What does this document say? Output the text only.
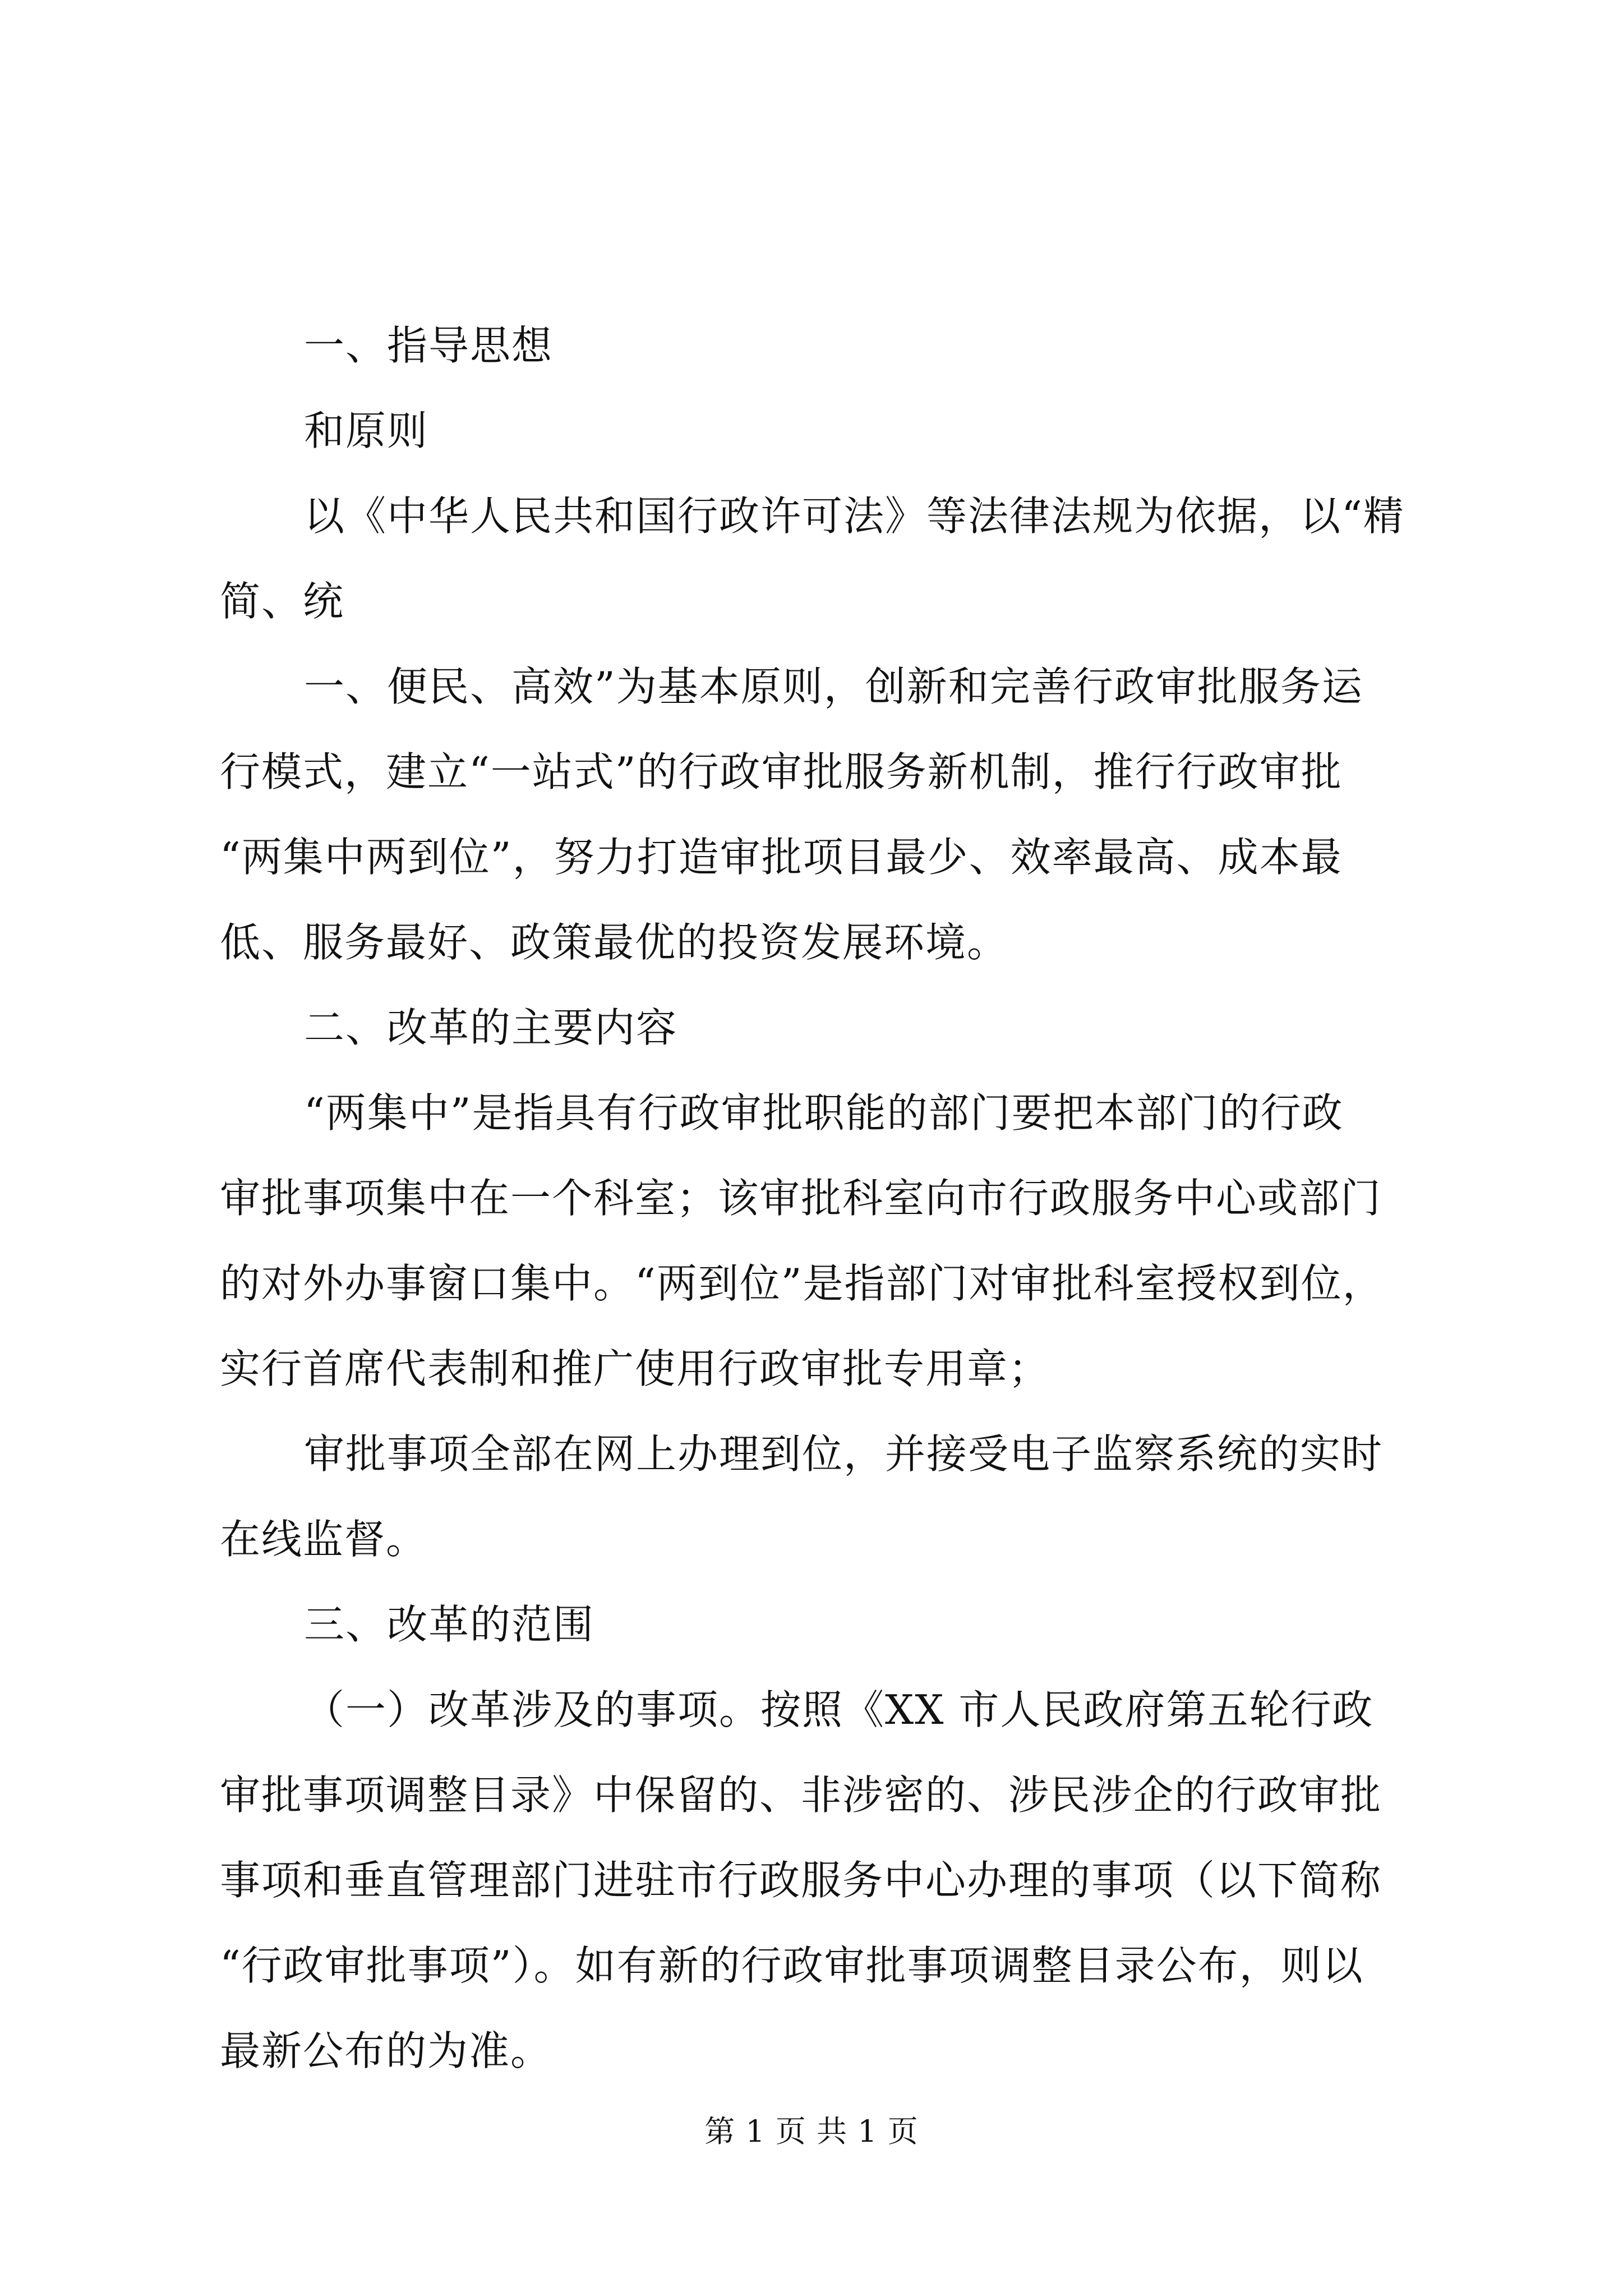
一、指导思想
和原则
以《中华人民共和国行政许可法》等法律法规为依据，以“精
简、统
一、便民、高效”为基本原则，创新和完善行政审批服务运
行模式，建立“一站式”的行政审批服务新机制，推行行政审批
“两集中两到位”，努力打造审批项目最少、效率最高、成本最
低、服务最好、政策最优的投资发展环境。
二、改革的主要内容
“两集中”是指具有行政审批职能的部门要把本部门的行政
审批事项集中在一个科室；该审批科室向市行政服务中心或部门
的对外办事窗口集中。“两到位”是指部门对审批科室授权到位，
实行首席代表制和推广使用行政审批专用章；
审批事项全部在网上办理到位，并接受电子监察系统的实时
在线监督。
三、改革的范围
（一）改革涉及的事项。按照《XX 市人民政府第五轮行政
审批事项调整目录》中保留的、非涉密的、涉民涉企的行政审批
事项和垂直管理部门进驻市行政服务中心办理的事项（以下简称
“行政审批事项”）。如有新的行政审批事项调整目录公布，则以
最新公布的为准。
第 1 页 共 1 页
